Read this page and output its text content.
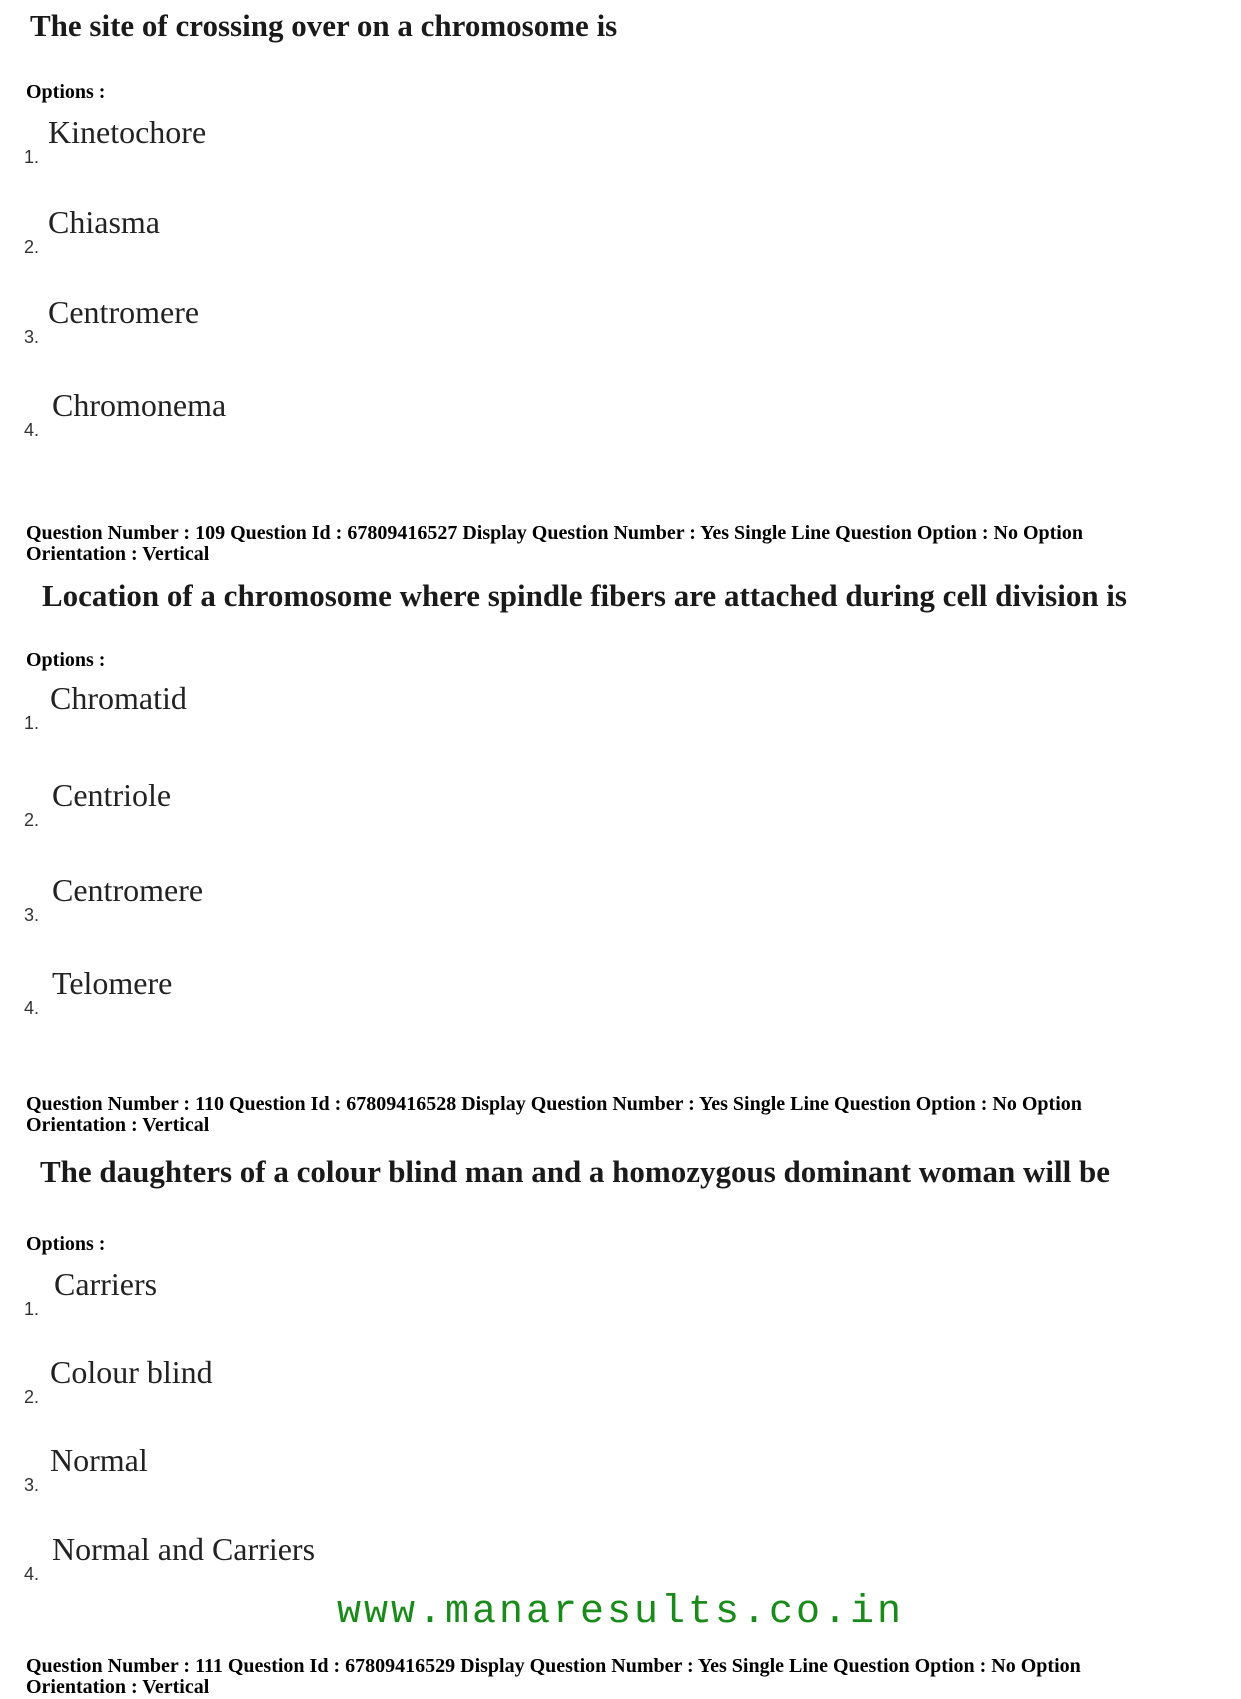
The site of crossing over on a chromosome is
Options :
1.
Kinetochore
2.
Chiasma
3.
Centromere
4.
Chromonema
Question Number : 109 Question Id : 67809416527 Display Question Number : Yes Single Line Question Option : No Option
Orientation : Vertical
Location of a chromosome where spindle fibers are attached during cell division is
Options :
1.
Chromatid
2.
Centriole
3.
Centromere
4.
Telomere
Question Number : 110 Question Id : 67809416528 Display Question Number : Yes Single Line Question Option : No Option
Orientation : Vertical
The daughters of a colour blind man and a homozygous dominant woman will be
Options :
1.
Carriers
2.
Colour blind
3.
Normal
4.
Normal and Carriers
www.manaresults.co.in
Question Number : 111 Question Id : 67809416529 Display Question Number : Yes Single Line Question Option : No Option
Orientation : Vertical
